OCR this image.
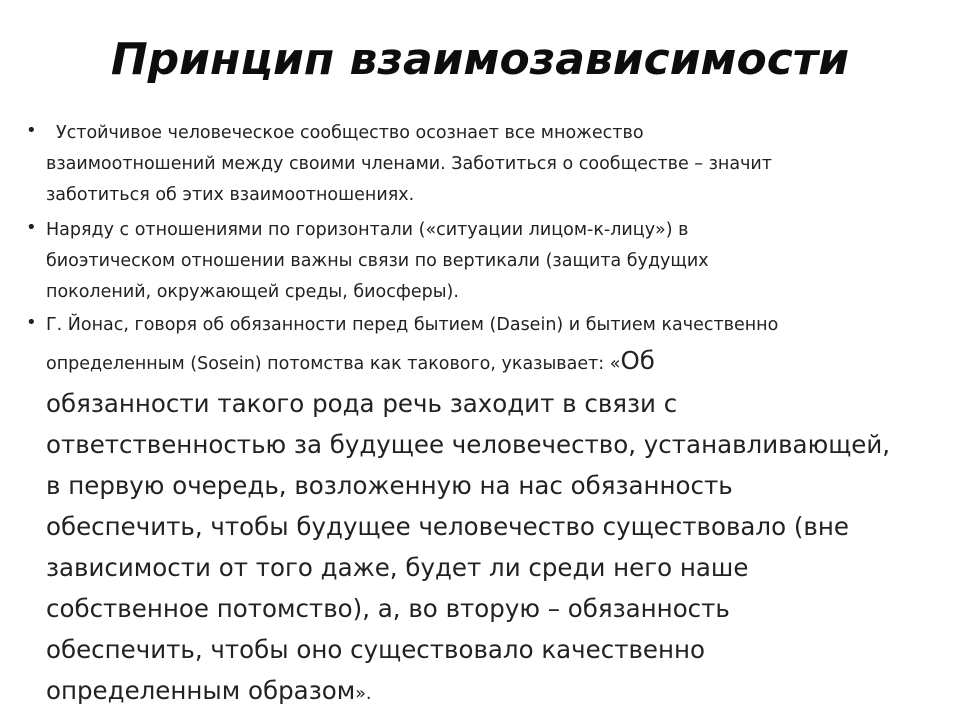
Принцип взаимозависимости
•	Устойчивое человеческое сообщество осознает все множество
взаимоотношений между своими членами. Заботиться о сообществе – значит
заботиться об этих взаимоотношениях.
• Наряду с отношениями по горизонтали («ситуации лицом-к-лицу») в
биоэтическом отношении важны связи по вертикали (защита будущих
поколений, окружающей среды, биосферы).
• Г. Йонас, говоря об обязанности перед бытием (Dasein) и бытием качественно
определенным (Sosein) потомства как такового, указывает: «Об
обязанности такого рода речь заходит в связи с
ответственностью за будущее человечество, устанавливающей,
в первую очередь, возложенную на нас обязанность
обеспечить, чтобы будущее человечество существовало (вне
зависимости от того даже, будет ли среди него наше
собственное потомство), а, во вторую – обязанность
обеспечить, чтобы оно существовало качественно
определенным образом».
